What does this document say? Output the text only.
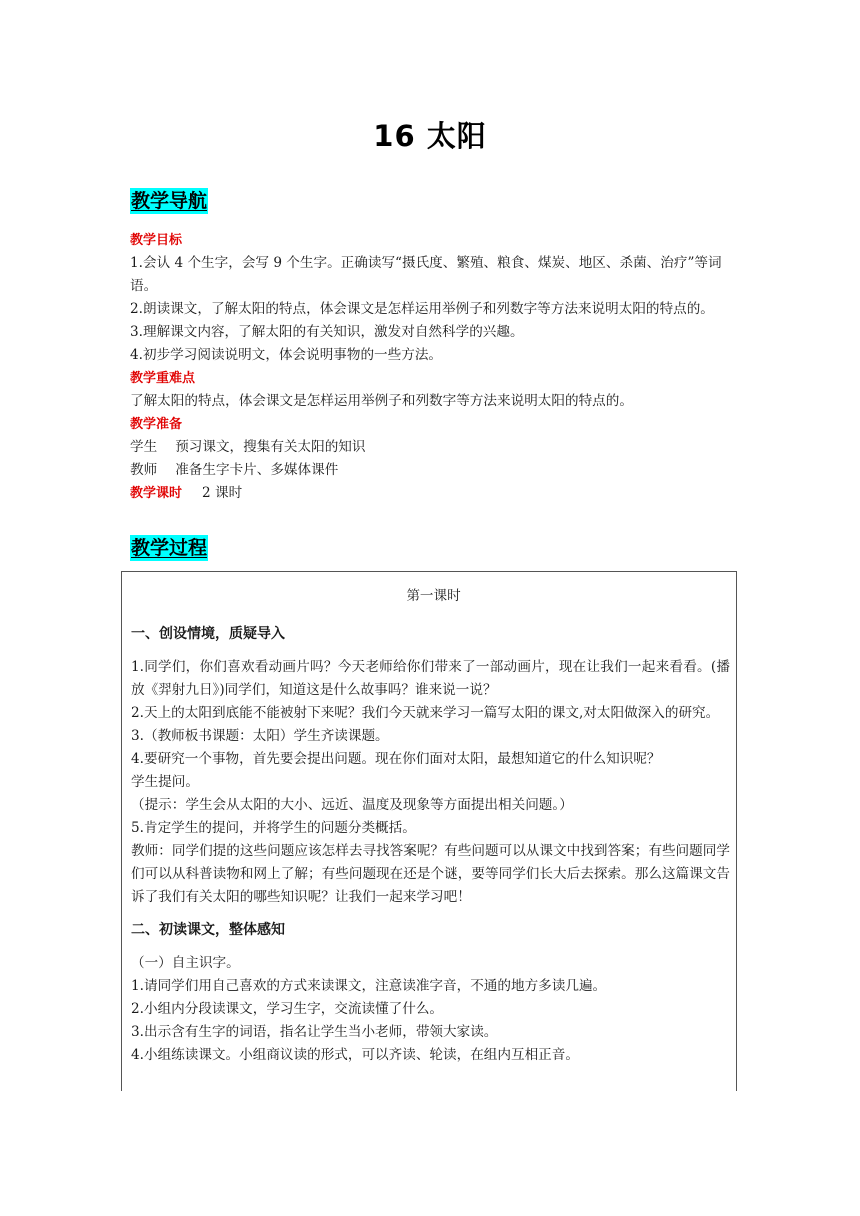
16 太阳
教学导航

教学目标

1.会认 4 个生字，会写 9 个生字。正确读写“摄氏度、繁殖、粮食、煤炭、地区、杀菌、治疗”等词语。

2.朗读课文，了解太阳的特点，体会课文是怎样运用举例子和列数字等方法来说明太阳的特点的。

3.理解课文内容，了解太阳的有关知识，激发对自然科学的兴趣。

4.初步学习阅读说明文，体会说明事物的一些方法。

教学重难点

了解太阳的特点，体会课文是怎样运用举例子和列数字等方法来说明太阳的特点的。

教学准备

学生 预习课文，搜集有关太阳的知识

教师 准备生字卡片、多媒体课件

教学课时 2 课时

教学过程
第一课时
一、创设情境，质疑导入

1.同学们，你们喜欢看动画片吗？今天老师给你们带来了一部动画片，现在让我们一起来看看。(播放《羿射九日》)同学们，知道这是什么故事吗？谁来说一说？

2.天上的太阳到底能不能被射下来呢？我们今天就来学习一篇写太阳的课文,对太阳做深入的研究。

3.（教师板书课题：太阳）学生齐读课题。

4.要研究一个事物，首先要会提出问题。现在你们面对太阳，最想知道它的什么知识呢？

学生提问。

（提示：学生会从太阳的大小、远近、温度及现象等方面提出相关问题。）

5.肯定学生的提问，并将学生的问题分类概括。

教师：同学们提的这些问题应该怎样去寻找答案呢？有些问题可以从课文中找到答案；有些问题同学们可以从科普读物和网上了解；有些问题现在还是个谜，要等同学们长大后去探索。那么这篇课文告诉了我们有关太阳的哪些知识呢？让我们一起来学习吧！

二、初读课文，整体感知

（一）自主识字。

1.请同学们用自己喜欢的方式来读课文，注意读准字音，不通的地方多读几遍。

2.小组内分段读课文，学习生字，交流读懂了什么。

3.出示含有生字的词语，指名让学生当小老师，带领大家读。

4.小组练读课文。小组商议读的形式，可以齐读、轮读，在组内互相正音。
